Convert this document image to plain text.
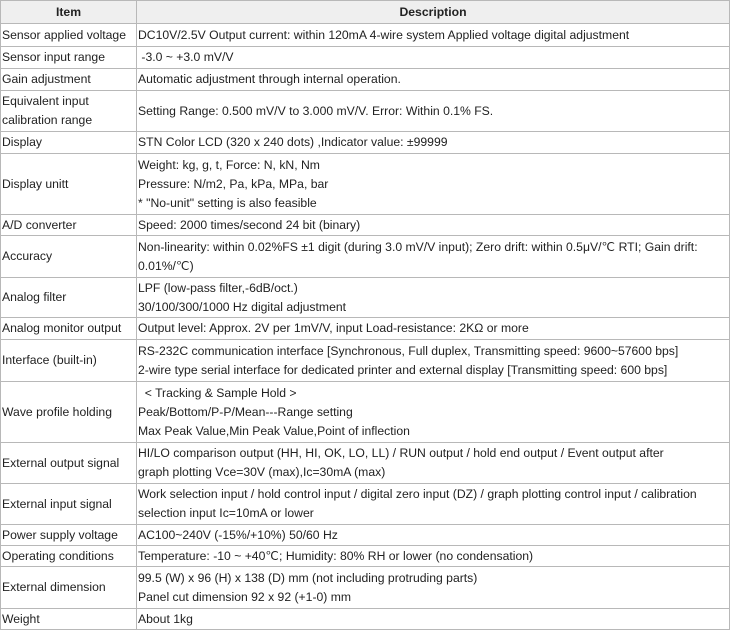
Item	Description

Sensor applied voltage	DC10V/2.5V Output current: within 120mA 4-wire system Applied voltage digital adjustment

Sensor input range	-3.0 ~ +3.0 mV/V

Gain adjustment	Automatic adjustment through internal operation.

Equivalent input
calibration range	Setting Range: 0.500 mV/V to 3.000 mV/V. Error: Within 0.1% FS.

Display	STN Color LCD (320 x 240 dots) ,Indicator value: ±99999

Display unitt	Weight: kg, g, t, Force: N, kN, Nm
Pressure: N/m2, Pa, kPa, MPa, bar
* "No-unit" setting is also feasible

A/D converter	Speed: 2000 times/second 24 bit (binary)

Accuracy	Non-linearity: within 0.02%FS ±1 digit (during 3.0 mV/V input); Zero drift: within 0.5μV/℃ RTI; Gain drift:
0.01%/℃)

Analog filter	LPF (low-pass filter,-6dB/oct.)
30/100/300/1000 Hz digital adjustment

Analog monitor output	Output level: Approx. 2V per 1mV/V, input Load-resistance: 2KΩ or more

Interface (built-in)	RS-232C communication interface [Synchronous, Full duplex, Transmitting speed: 9600~57600 bps]
2-wire type serial interface for dedicated printer and external display [Transmitting speed: 600 bps]

Wave profile holding	< Tracking & Sample Hold >
Peak/Bottom/P-P/Mean---Range setting
Max Peak Value,Min Peak Value,Point of inflection

External output signal	HI/LO comparison output (HH, HI, OK, LO, LL) / RUN output / hold end output / Event output after
graph plotting Vce=30V (max),Ic=30mA (max)

External input signal	Work selection input / hold control input / digital zero input (DZ) / graph plotting control input / calibration
selection input Ic=10mA or lower

Power supply voltage	AC100~240V (-15%/+10%) 50/60 Hz

Operating conditions	Temperature: -10 ~ +40℃; Humidity: 80% RH or lower (no condensation)

External dimension	99.5 (W) x 96 (H) x 138 (D) mm (not including protruding parts)
Panel cut dimension 92 x 92 (+1-0) mm

Weight	About 1kg
